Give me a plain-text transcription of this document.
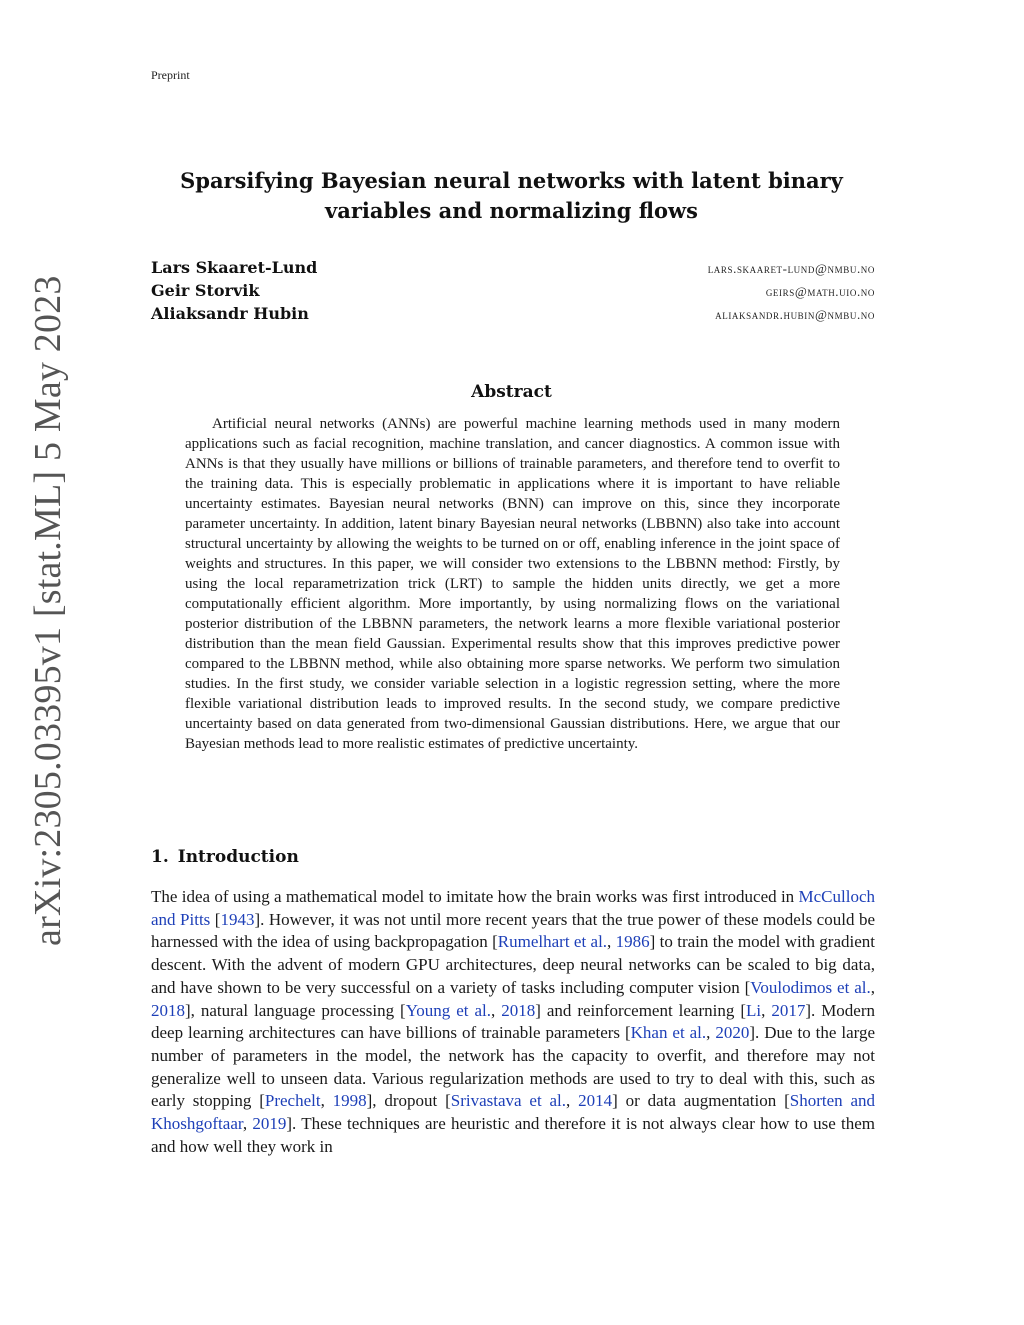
Preprint
arXiv:2305.03395v1 [stat.ML] 5 May 2023
Sparsifying Bayesian neural networks with latent binary variables and normalizing flows
Lars Skaaret-Lund	lars.skaaret-lund@nmbu.no
Geir Storvik	geirs@math.uio.no
Aliaksandr Hubin	aliaksandr.hubin@nmbu.no
Abstract

Artificial neural networks (ANNs) are powerful machine learning methods used in many modern applications such as facial recognition, machine translation, and cancer diagnostics. A common issue with ANNs is that they usually have millions or billions of trainable parameters, and therefore tend to overfit to the training data. This is especially problematic in applications where it is important to have reliable uncertainty estimates. Bayesian neural networks (BNN) can improve on this, since they incorporate parameter uncertainty. In addition, latent binary Bayesian neural networks (LBBNN) also take into account structural uncertainty by allowing the weights to be turned on or off, enabling inference in the joint space of weights and structures. In this paper, we will consider two extensions to the LBBNN method: Firstly, by using the local reparametrization trick (LRT) to sample the hidden units directly, we get a more computationally efficient algorithm. More importantly, by using normalizing flows on the variational posterior distribution of the LBBNN parameters, the network learns a more flexible variational posterior distribution than the mean field Gaussian. Experimental results show that this improves predictive power compared to the LBBNN method, while also obtaining more sparse networks. We perform two simulation studies. In the first study, we consider variable selection in a logistic regression setting, where the more flexible variational distribution leads to improved results. In the second study, we compare predictive uncertainty based on data generated from two-dimensional Gaussian distributions. Here, we argue that our Bayesian methods lead to more realistic estimates of predictive uncertainty.

1. Introduction

The idea of using a mathematical model to imitate how the brain works was first introduced in McCulloch and Pitts [1943]. However, it was not until more recent years that the true power of these models could be harnessed with the idea of using backpropagation [Rumelhart et al., 1986] to train the model with gradient descent. With the advent of modern GPU architectures, deep neural networks can be scaled to big data, and have shown to be very successful on a variety of tasks including computer vision [Voulodimos et al., 2018], natural language processing [Young et al., 2018] and reinforcement learning [Li, 2017]. Modern deep learning architectures can have billions of trainable parameters [Khan et al., 2020]. Due to the large number of parameters in the model, the network has the capacity to overfit, and therefore may not generalize well to unseen data. Various regularization methods are used to try to deal with this, such as early stopping [Prechelt, 1998], dropout [Srivastava et al., 2014] or data augmentation [Shorten and Khoshgoftaar, 2019]. These techniques are heuristic and therefore it is not always clear how to use them and how well they work in
